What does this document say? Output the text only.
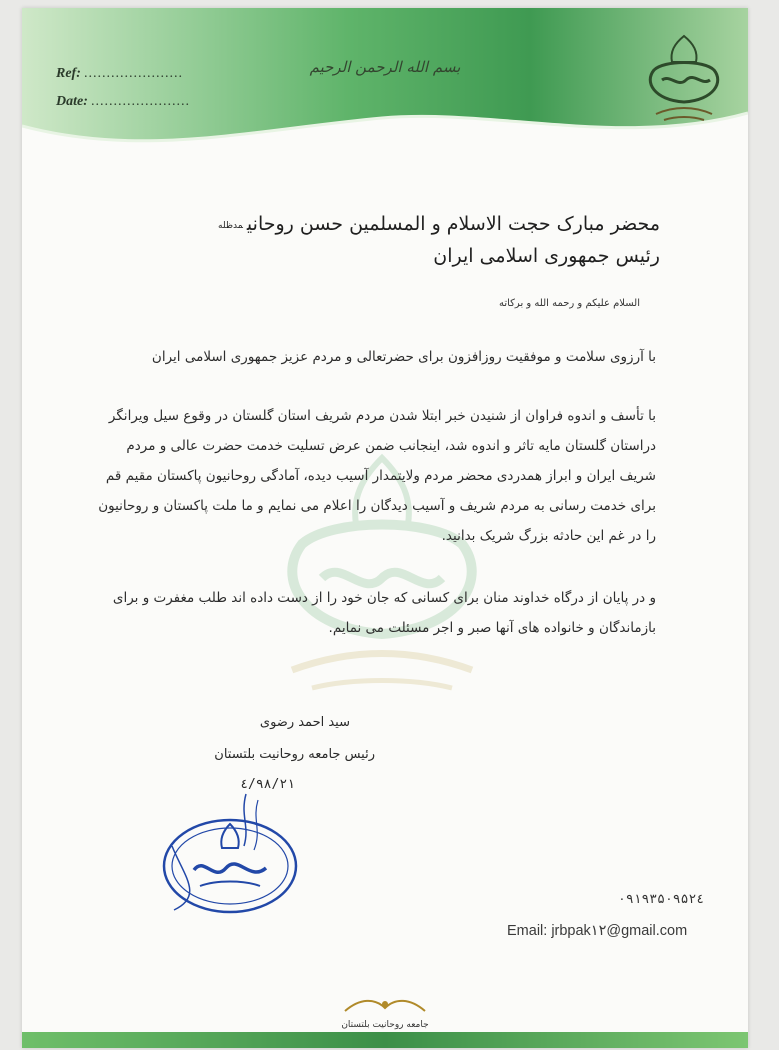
Ref: ......................
Date: ......................
بسم الله الرحمن الرحيم
محضر مبارک حجت الاسلام و المسلمین حسن روحانیمدظله
رئیس جمهوری اسلامی ایران
السلام علیکم و رحمه الله و برکاته
با آرزوی سلامت و موفقیت روزافزون برای حضرتعالی و مردم عزیز جمهوری اسلامی ایران
با تأسف و اندوه فراوان از شنیدن خبر ابتلا شدن مردم شریف استان گلستان در وقوع سیل ویرانگر دراستان گلستان مایه تاثر و اندوه شد، اینجانب ضمن عرض تسلیت خدمت حضرت عالی و مردم شریف ایران و ابراز همدردی محضر مردم ولایتمدار آسیب دیده، آمادگی روحانیون پاکستان مقیم قم برای خدمت رسانی به مردم شریف و آسیب دیدگان را اعلام می نمایم و ما ملت پاکستان و روحانیون را در غم این حادثه بزرگ شریک بدانید.
و در پایان از درگاه خداوند منان برای کسانی که جان خود را از دست داده اند طلب مغفرت و برای بازماندگان و خانواده های آنها صبر و اجر مسئلت می نمایم.
سید احمد رضوی
رئیس جامعه روحانیت بلتستان
۹۸/۲۱/٤
۰۹۱۹۳۵۰۹۵۲٤
Email: jrbpak۱۲@gmail.com
جامعه روحانیت بلتستان
